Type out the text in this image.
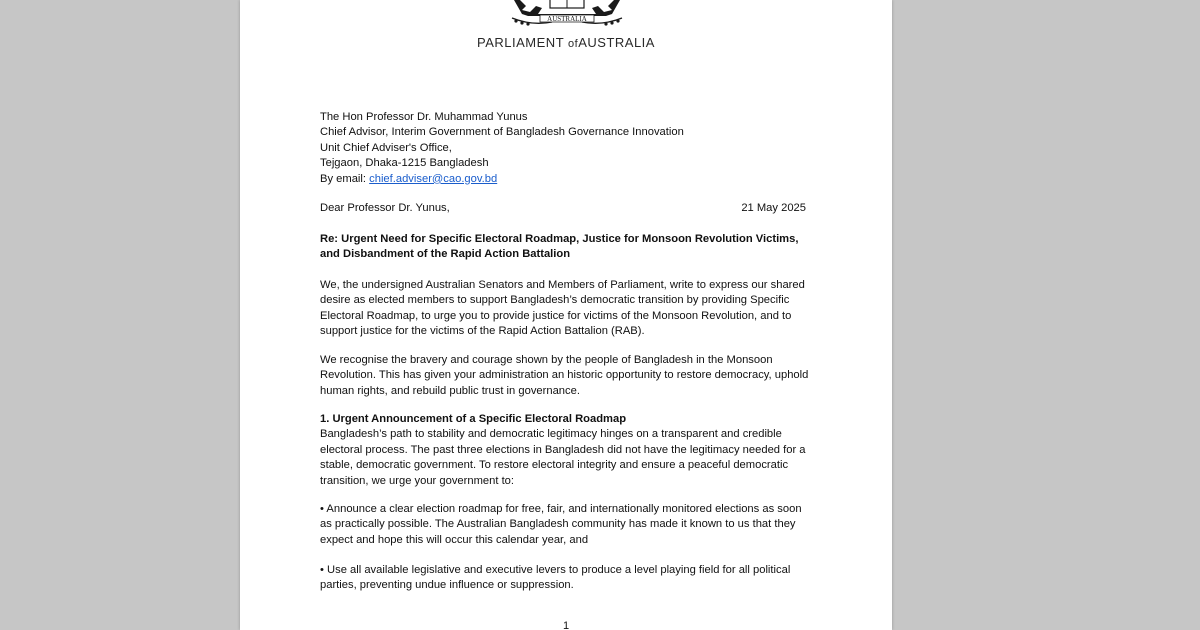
AUSTRALIA
PARLIAMENT ofAUSTRALIA
The Hon Professor Dr. Muhammad Yunus
Chief Advisor, Interim Government of Bangladesh Governance Innovation
Unit Chief Adviser's Office,
Tejgaon, Dhaka-1215 Bangladesh
By email: chief.adviser@cao.gov.bd
Dear Professor Dr. Yunus,	21 May 2025
Re: Urgent Need for Specific Electoral Roadmap, Justice for Monsoon Revolution Victims, and Disbandment of the Rapid Action Battalion
We, the undersigned Australian Senators and Members of Parliament, write to express our shared desire as elected members to support Bangladesh’s democratic transition by providing Specific Electoral Roadmap, to urge you to provide justice for victims of the Monsoon Revolution, and to support justice for the victims of the Rapid Action Battalion (RAB).
We recognise the bravery and courage shown by the people of Bangladesh in the Monsoon Revolution. This has given your administration an historic opportunity to restore democracy, uphold human rights, and rebuild public trust in governance.
1. Urgent Announcement of a Specific Electoral Roadmap

Bangladesh’s path to stability and democratic legitimacy hinges on a transparent and credible electoral process. The past three elections in Bangladesh did not have the legitimacy needed for a stable, democratic government. To restore electoral integrity and ensure a peaceful democratic transition, we urge your government to:

• Announce a clear election roadmap for free, fair, and internationally monitored elections as soon as practically possible. The Australian Bangladesh community has made it known to us that they expect and hope this will occur this calendar year, and
• Use all available legislative and executive levers to produce a level playing field for all political parties, preventing undue influence or suppression.
1
